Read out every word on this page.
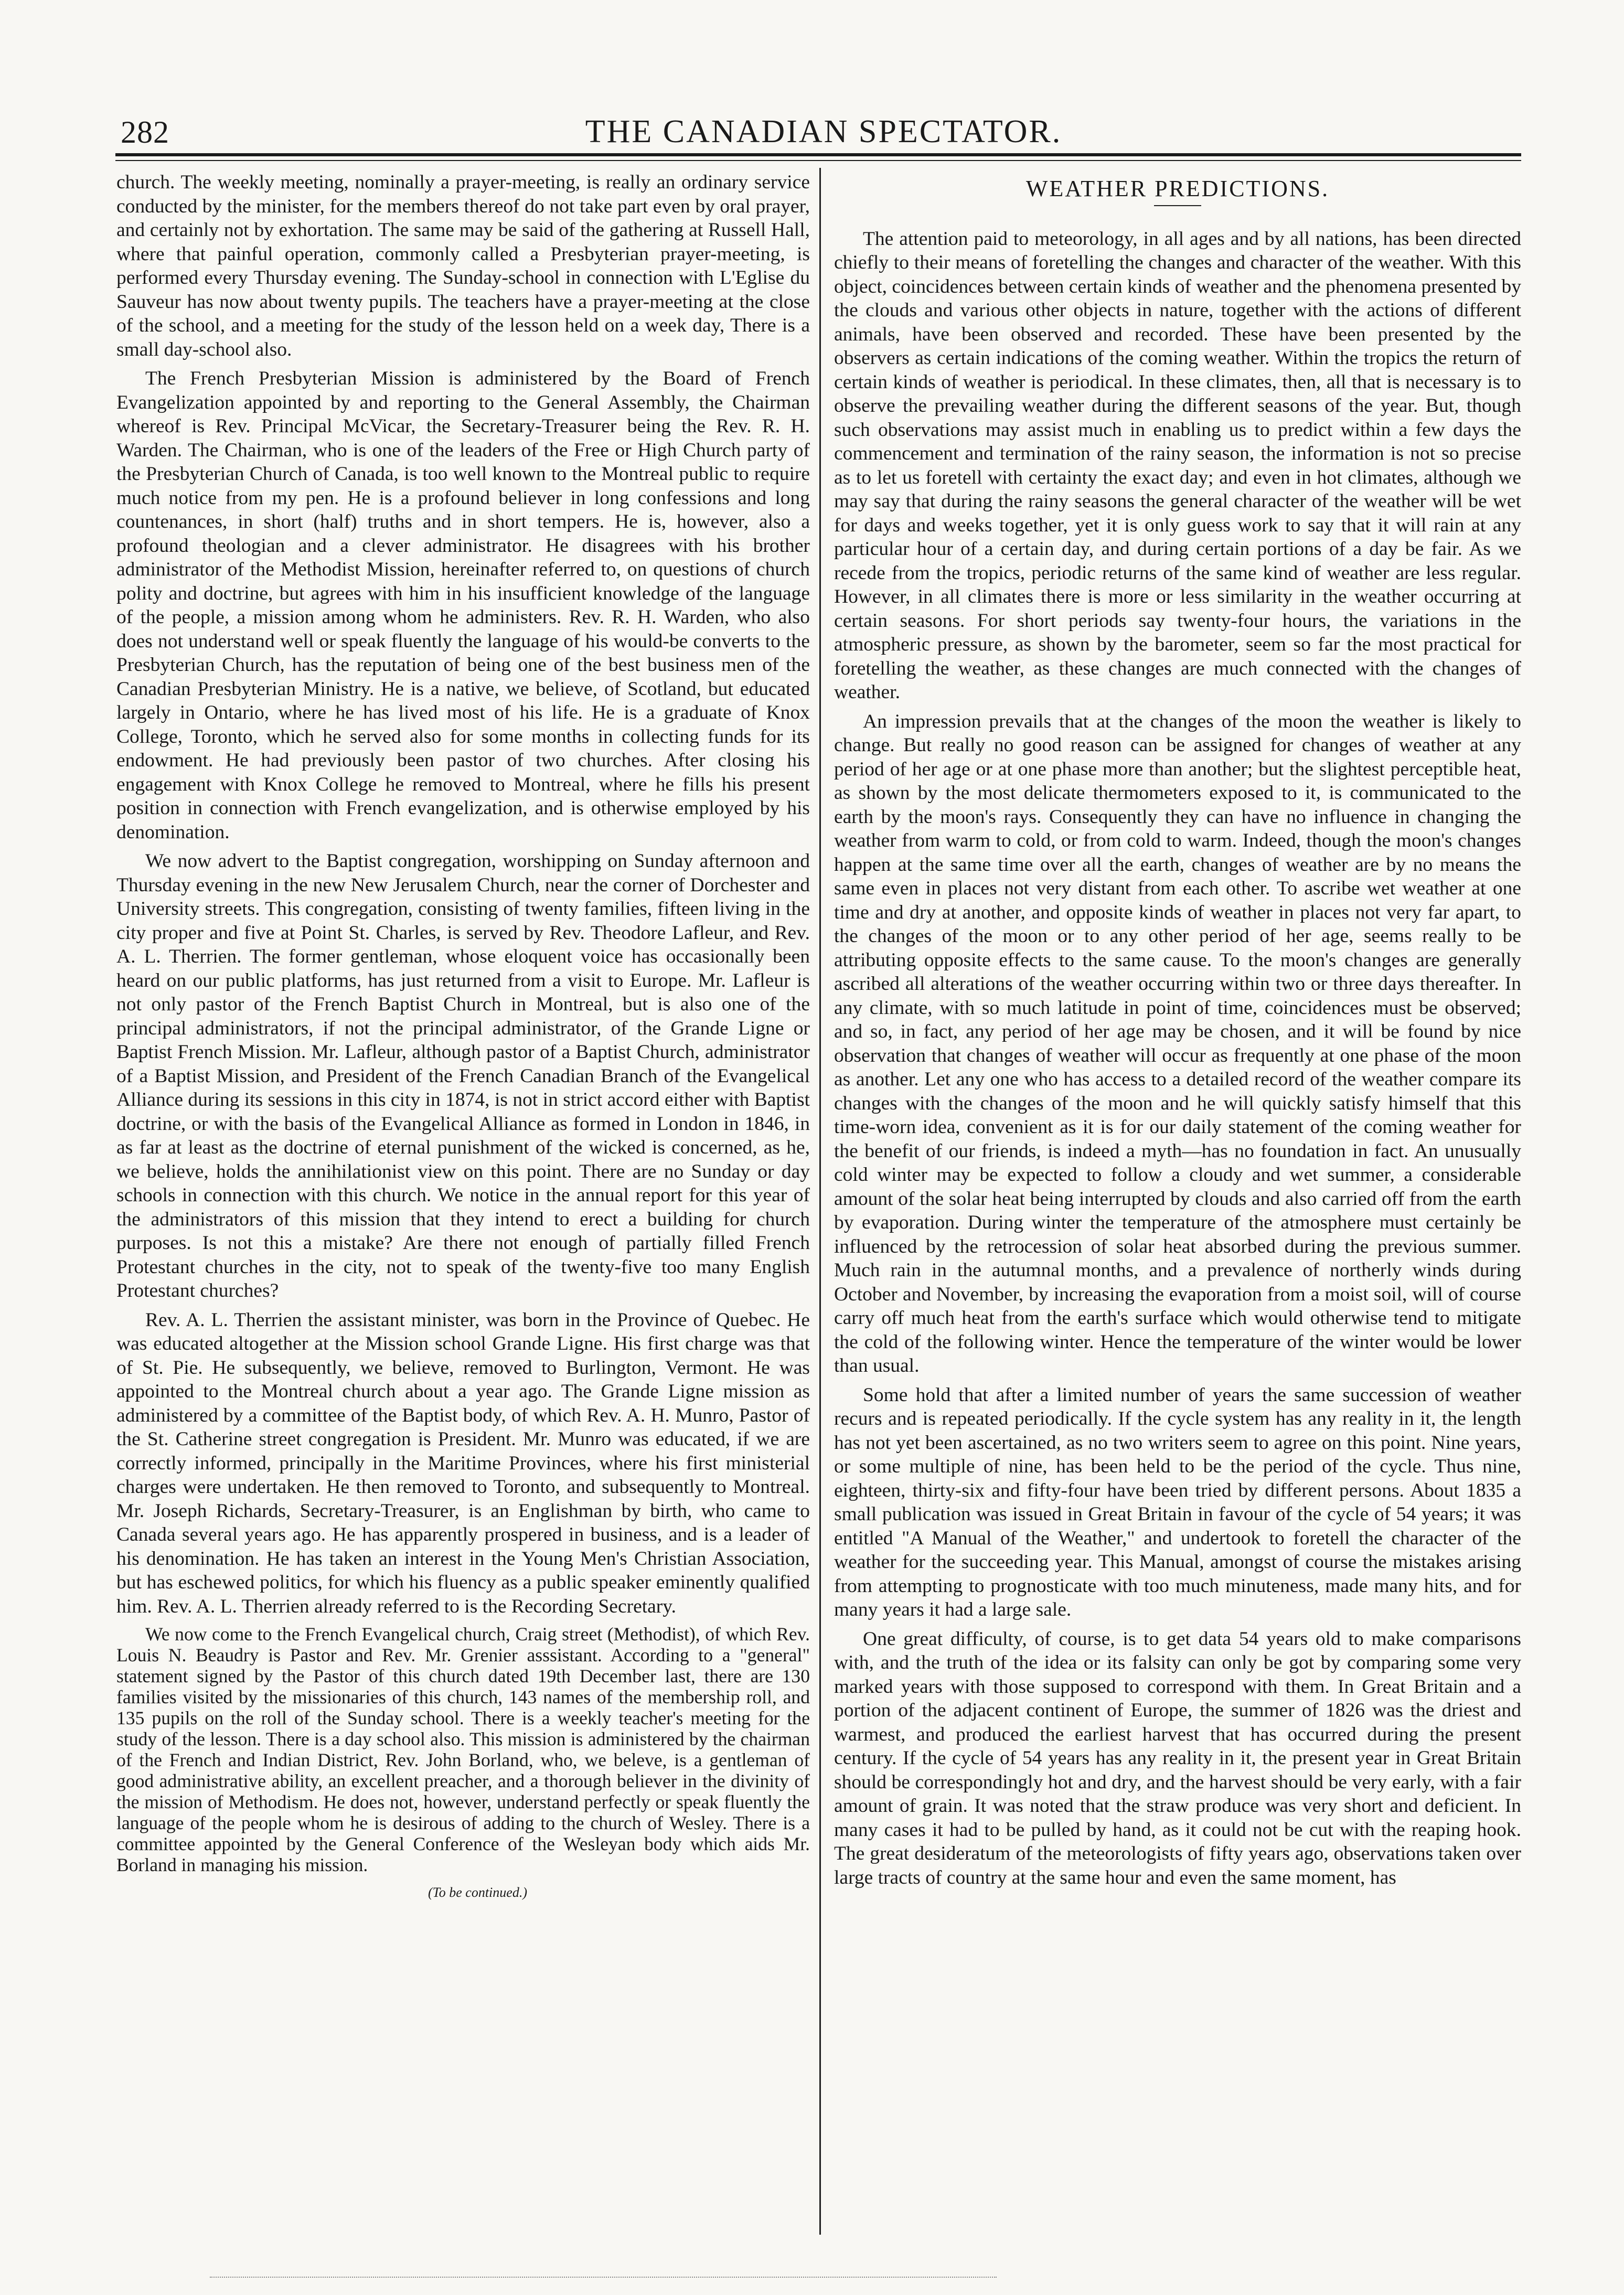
282	THE CANADIAN SPECTATOR.

church. The weekly meeting, nominally a prayer-meeting, is really an ordinary service conducted by the minister, for the members thereof do not take part even by oral prayer, and certainly not by exhortation. The same may be said of the gathering at Russell Hall, where that painful operation, commonly called a Presbyterian prayer-meeting, is performed every Thursday evening. The Sunday-school in connection with L'Eglise du Sauveur has now about twenty pupils. The teachers have a prayer-meeting at the close of the school, and a meeting for the study of the lesson held on a week day, There is a small day-school also.

The French Presbyterian Mission is administered by the Board of French Evangelization appointed by and reporting to the General Assembly, the Chairman whereof is Rev. Principal McVicar, the Secretary-Treasurer being the Rev. R. H. Warden. The Chairman, who is one of the leaders of the Free or High Church party of the Presbyterian Church of Canada, is too well known to the Montreal public to require much notice from my pen. He is a profound believer in long confessions and long countenances, in short (half) truths and in short tempers. He is, however, also a profound theologian and a clever administrator. He disagrees with his brother administrator of the Methodist Mission, hereinafter referred to, on questions of church polity and doctrine, but agrees with him in his insufficient knowledge of the language of the people, a mission among whom he administers. Rev. R. H. Warden, who also does not understand well or speak fluently the language of his would-be converts to the Presbyterian Church, has the reputation of being one of the best business men of the Canadian Presbyterian Ministry. He is a native, we believe, of Scotland, but educated largely in Ontario, where he has lived most of his life. He is a graduate of Knox College, Toronto, which he served also for some months in collecting funds for its endowment. He had previously been pastor of two churches. After closing his engagement with Knox College he removed to Montreal, where he fills his present position in connection with French evangelization, and is otherwise employed by his denomination.

We now advert to the Baptist congregation, worshipping on Sunday afternoon and Thursday evening in the new New Jerusalem Church, near the corner of Dorchester and University streets. This congregation, consisting of twenty families, fifteen living in the city proper and five at Point St. Charles, is served by Rev. Theodore Lafleur, and Rev. A. L. Therrien. The former gentleman, whose eloquent voice has occasionally been heard on our public platforms, has just returned from a visit to Europe. Mr. Lafleur is not only pastor of the French Baptist Church in Montreal, but is also one of the principal administrators, if not the principal administrator, of the Grande Ligne or Baptist French Mission. Mr. Lafleur, although pastor of a Baptist Church, administrator of a Baptist Mission, and President of the French Canadian Branch of the Evangelical Alliance during its sessions in this city in 1874, is not in strict accord either with Baptist doctrine, or with the basis of the Evangelical Alliance as formed in London in 1846, in as far at least as the doctrine of eternal punishment of the wicked is concerned, as he, we believe, holds the annihilationist view on this point. There are no Sunday or day schools in connection with this church. We notice in the annual report for this year of the administrators of this mission that they intend to erect a building for church purposes. Is not this a mistake? Are there not enough of partially filled French Protestant churches in the city, not to speak of the twenty-five too many English Protestant churches?

Rev. A. L. Therrien the assistant minister, was born in the Province of Quebec. He was educated altogether at the Mission school Grande Ligne. His first charge was that of St. Pie. He subsequently, we believe, removed to Burlington, Vermont. He was appointed to the Montreal church about a year ago. The Grande Ligne mission as administered by a committee of the Baptist body, of which Rev. A. H. Munro, Pastor of the St. Catherine street congregation is President. Mr. Munro was educated, if we are correctly informed, principally in the Maritime Provinces, where his first ministerial charges were undertaken. He then removed to Toronto, and subsequently to Montreal. Mr. Joseph Richards, Secretary-Treasurer, is an Englishman by birth, who came to Canada several years ago. He has apparently prospered in business, and is a leader of his denomination. He has taken an interest in the Young Men's Christian Association, but has eschewed politics, for which his fluency as a public speaker eminently qualified him. Rev. A. L. Therrien already referred to is the Recording Secretary.

We now come to the French Evangelical church, Craig street (Methodist), of which Rev. Louis N. Beaudry is Pastor and Rev. Mr. Grenier asssistant. According to a "general" statement signed by the Pastor of this church dated 19th December last, there are 130 families visited by the missionaries of this church, 143 names of the membership roll, and 135 pupils on the roll of the Sunday school. There is a weekly teacher's meeting for the study of the lesson. There is a day school also. This mission is administered by the chairman of the French and Indian District, Rev. John Borland, who, we beleve, is a gentleman of good administrative ability, an excellent preacher, and a thorough believer in the divinity of the mission of Methodism. He does not, however, understand perfectly or speak fluently the language of the people whom he is desirous of adding to the church of Wesley. There is a committee appointed by the General Conference of the Wesleyan body which aids Mr. Borland in managing his mission.

(To be continued.)

WEATHER PREDICTIONS.

The attention paid to meteorology, in all ages and by all nations, has been directed chiefly to their means of foretelling the changes and character of the weather. With this object, coincidences between certain kinds of weather and the phenomena presented by the clouds and various other objects in nature, together with the actions of different animals, have been observed and recorded. These have been presented by the observers as certain indications of the coming weather. Within the tropics the return of certain kinds of weather is periodical. In these climates, then, all that is necessary is to observe the prevailing weather during the different seasons of the year. But, though such observations may assist much in enabling us to predict within a few days the commencement and termination of the rainy season, the information is not so precise as to let us foretell with certainty the exact day; and even in hot climates, although we may say that during the rainy seasons the general character of the weather will be wet for days and weeks together, yet it is only guess work to say that it will rain at any particular hour of a certain day, and during certain portions of a day be fair. As we recede from the tropics, periodic returns of the same kind of weather are less regular. However, in all climates there is more or less similarity in the weather occurring at certain seasons. For short periods say twenty-four hours, the variations in the atmospheric pressure, as shown by the barometer, seem so far the most practical for foretelling the weather, as these changes are much connected with the changes of weather.

An impression prevails that at the changes of the moon the weather is likely to change. But really no good reason can be assigned for changes of weather at any period of her age or at one phase more than another; but the slightest perceptible heat, as shown by the most delicate thermometers exposed to it, is communicated to the earth by the moon's rays. Consequently they can have no influence in changing the weather from warm to cold, or from cold to warm. Indeed, though the moon's changes happen at the same time over all the earth, changes of weather are by no means the same even in places not very distant from each other. To ascribe wet weather at one time and dry at another, and opposite kinds of weather in places not very far apart, to the changes of the moon or to any other period of her age, seems really to be attributing opposite effects to the same cause. To the moon's changes are generally ascribed all alterations of the weather occurring within two or three days thereafter. In any climate, with so much latitude in point of time, coincidences must be observed; and so, in fact, any period of her age may be chosen, and it will be found by nice observation that changes of weather will occur as frequently at one phase of the moon as another. Let any one who has access to a detailed record of the weather compare its changes with the changes of the moon and he will quickly satisfy himself that this time-worn idea, convenient as it is for our daily statement of the coming weather for the benefit of our friends, is indeed a myth—has no foundation in fact. An unusually cold winter may be expected to follow a cloudy and wet summer, a considerable amount of the solar heat being interrupted by clouds and also carried off from the earth by evaporation. During winter the temperature of the atmosphere must certainly be influenced by the retrocession of solar heat absorbed during the previous summer. Much rain in the autumnal months, and a prevalence of northerly winds during October and November, by increasing the evaporation from a moist soil, will of course carry off much heat from the earth's surface which would otherwise tend to mitigate the cold of the following winter. Hence the temperature of the winter would be lower than usual.

Some hold that after a limited number of years the same succession of weather recurs and is repeated periodically. If the cycle system has any reality in it, the length has not yet been ascertained, as no two writers seem to agree on this point. Nine years, or some multiple of nine, has been held to be the period of the cycle. Thus nine, eighteen, thirty-six and fifty-four have been tried by different persons. About 1835 a small publication was issued in Great Britain in favour of the cycle of 54 years; it was entitled "A Manual of the Weather," and undertook to foretell the character of the weather for the succeeding year. This Manual, amongst of course the mistakes arising from attempting to prognosticate with too much minuteness, made many hits, and for many years it had a large sale.

One great difficulty, of course, is to get data 54 years old to make comparisons with, and the truth of the idea or its falsity can only be got by comparing some very marked years with those supposed to correspond with them. In Great Britain and a portion of the adjacent continent of Europe, the summer of 1826 was the driest and warmest, and produced the earliest harvest that has occurred during the present century. If the cycle of 54 years has any reality in it, the present year in Great Britain should be correspondingly hot and dry, and the harvest should be very early, with a fair amount of grain. It was noted that the straw produce was very short and deficient. In many cases it had to be pulled by hand, as it could not be cut with the reaping hook. The great desideratum of the meteorologists of fifty years ago, observations taken over large tracts of country at the same hour and even the same moment, has
